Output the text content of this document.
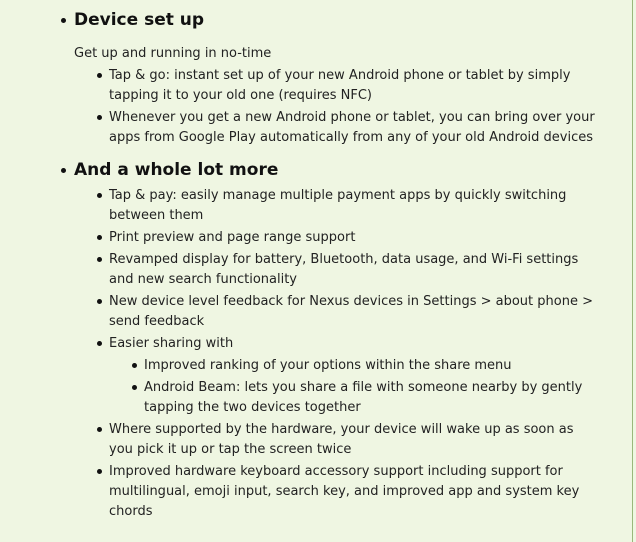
Device set up
Get up and running in no-time
Tap & go: instant set up of your new Android phone or tablet by simply tapping it to your old one (requires NFC)
Whenever you get a new Android phone or tablet, you can bring over your apps from Google Play automatically from any of your old Android devices
And a whole lot more
Tap & pay: easily manage multiple payment apps by quickly switching between them
Print preview and page range support
Revamped display for battery, Bluetooth, data usage, and Wi-Fi settings and new search functionality
New device level feedback for Nexus devices in Settings > about phone > send feedback
Easier sharing with
Improved ranking of your options within the share menu
Android Beam: lets you share a file with someone nearby by gently tapping the two devices together
Where supported by the hardware, your device will wake up as soon as you pick it up or tap the screen twice
Improved hardware keyboard accessory support including support for multilingual, emoji input, search key, and improved app and system key chords
